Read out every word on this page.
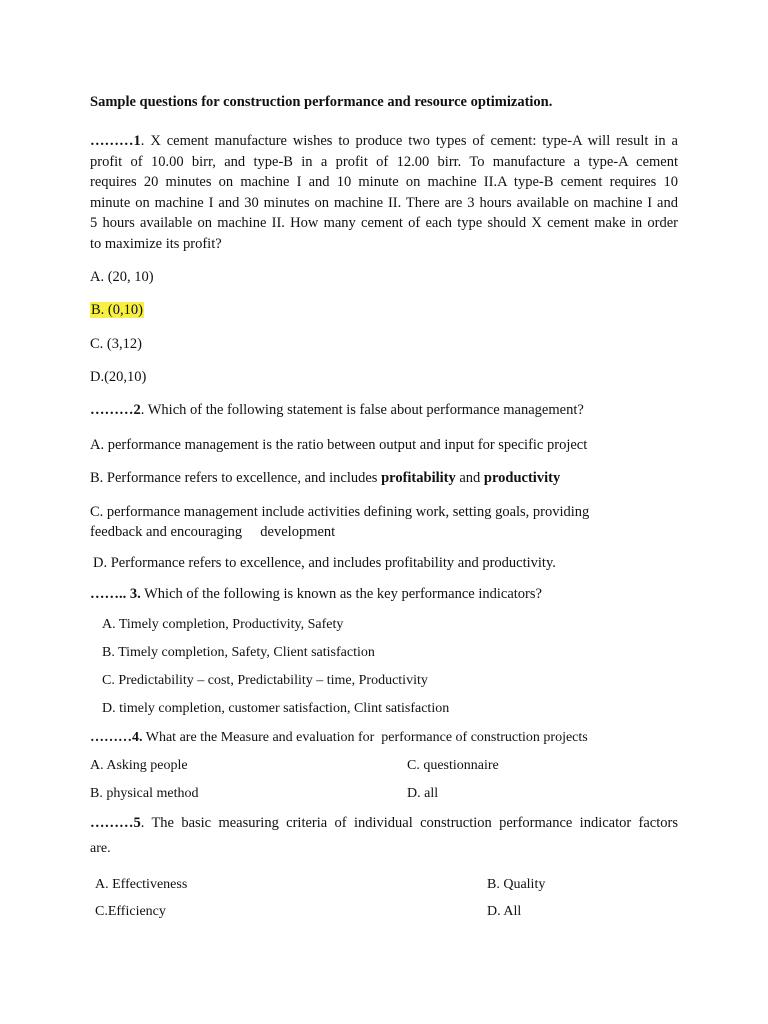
Sample questions for construction performance and resource optimization.
………1. X cement manufacture wishes to produce two types of cement: type-A will result in a
profit of 10.00 birr, and type-B in a profit of 12.00 birr. To manufacture a type-A cement
requires 20 minutes on machine I and 10 minute on machine II.A type-B cement requires 10
minute on machine I and 30 minutes on machine II. There are 3 hours available on machine I and
5 hours available on machine II. How many cement of each type should X cement make in order
to maximize its profit?
A. (20, 10)
B. (0,10)
C. (3,12)
D.(20,10)
………2. Which of the following statement is false about performance management?
A. performance management is the ratio between output and input for specific project
B. Performance refers to excellence, and includes profitability and productivity
C. performance management include activities defining work, setting goals, providing
feedback and encouraging     development
D. Performance refers to excellence, and includes profitability and productivity.
…….. 3. Which of the following is known as the key performance indicators?
A. Timely completion, Productivity, Safety
B. Timely completion, Safety, Client satisfaction
C. Predictability – cost, Predictability – time, Productivity
D. timely completion, customer satisfaction, Clint satisfaction
………4. What are the Measure and evaluation for  performance of construction projects
A. Asking people	C. questionnaire
B. physical method	D. all
………5. The basic measuring criteria of individual construction performance indicator factors
are.
A. Effectiveness	B. Quality
C.Efficiency	D. All
